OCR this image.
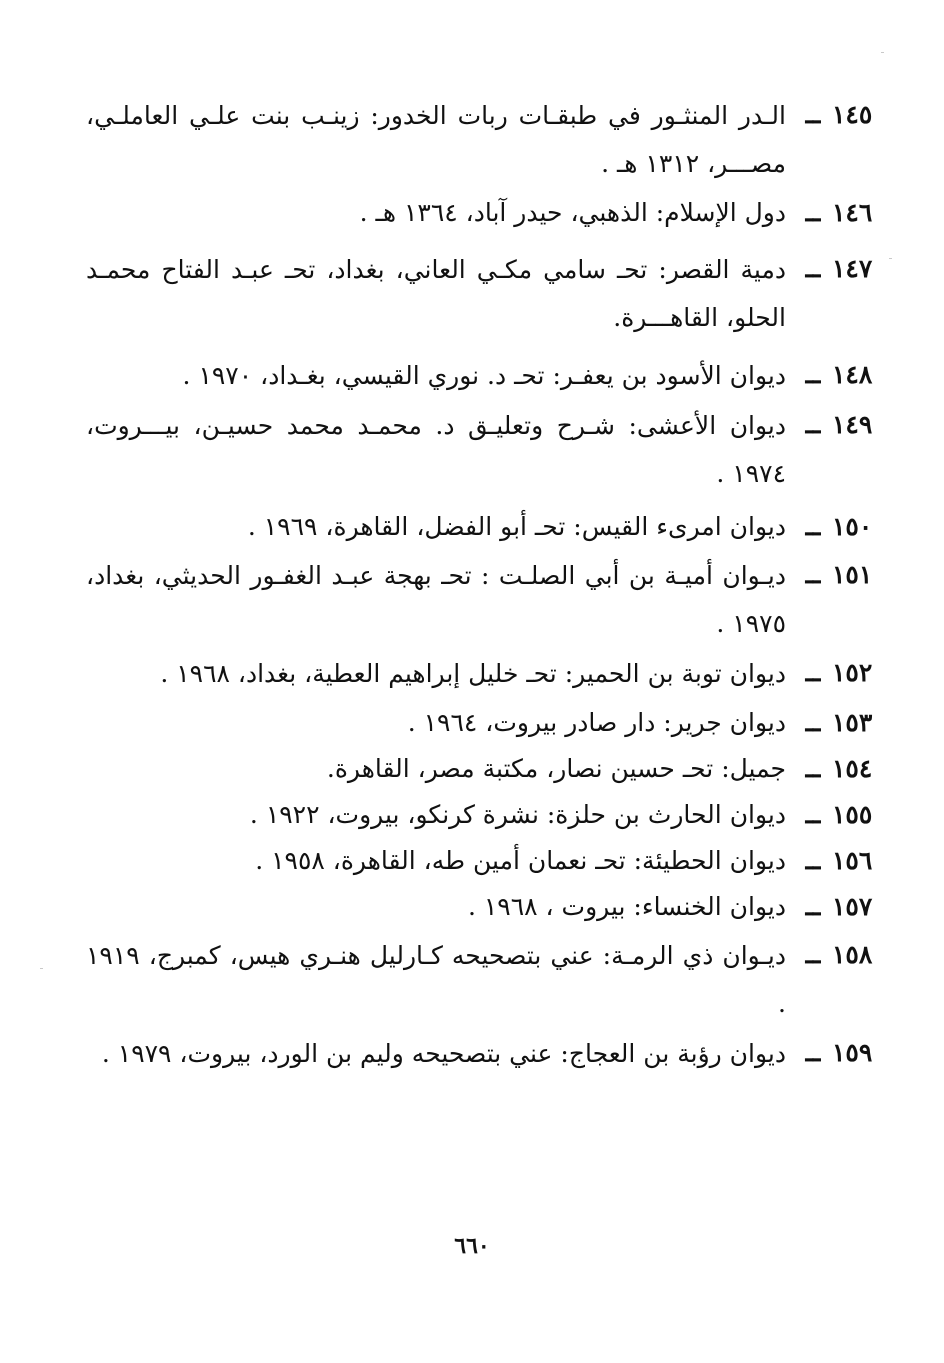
١٤٥
ــ
الـدر المنثـور في طبقـات ربات الخدور: زينـب بنت علـي العاملـي، مصـــر، ١٣١٢ هـ .
١٤٦
ــ
دول الإسلام: الذهبي، حيدر آباد، ١٣٦٤ هـ .
١٤٧
ــ
دمية القصر: تحـ سامي مكـي العاني، بغداد، تحـ عبـد الفتاح محمـد الحلو، القاهـــرة.
١٤٨
ــ
ديوان الأسود بن يعفـر: تحـ د. نوري القيسي، بغـداد، ١٩٧٠ .
١٤٩
ــ
ديوان الأعشى: شـرح وتعليـق د. محمـد محمد حسيـن، بيـــروت، ١٩٧٤ .
١٥٠
ــ
ديوان امرىء القيس: تحـ أبو الفضل، القاهرة، ١٩٦٩ .
١٥١
ــ
ديـوان أميـة بن أبي الصلـت : تحـ بهجة عبـد الغفـور الحديثي، بغداد، ١٩٧٥ .
١٥٢
ــ
ديوان توبة بن الحمير: تحـ خليل إبراهيم العطية، بغداد، ١٩٦٨ .
١٥٣
ــ
ديوان جرير: دار صادر بيروت، ١٩٦٤ .
١٥٤
ــ
جميل: تحـ حسين نصار، مكتبة مصر، القاهرة.
١٥٥
ــ
ديوان الحارث بن حلزة: نشرة كرنكو، بيروت، ١٩٢٢ .
١٥٦
ــ
ديوان الحطيئة: تحـ نعمان أمين طه، القاهرة، ١٩٥٨ .
١٥٧
ــ
ديوان الخنساء: بيروت ، ١٩٦٨ .
١٥٨
ــ
ديـوان ذي الرمـة: عني بتصحيحه كـارليل هنـري هيس، كمبرج، ١٩١٩ .
١٥٩
ــ
ديوان رؤبة بن العجاج: عني بتصحيحه وليم بن الورد، بيروت، ١٩٧٩ .
٦٦٠
